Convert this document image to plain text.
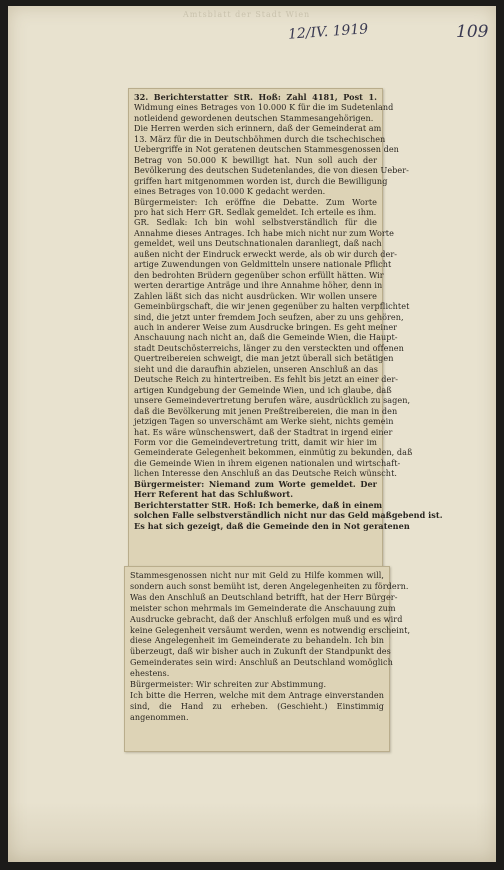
Amtsblatt der Stadt Wien
12/IV. 1919	109

32. Berichterstatter StR. Hoß: Zahl 4181, Post 1.
Widmung eines Betrages von 10.000 K für die im Sudetenland
notleidend gewordenen deutschen Stammesangehörigen.
Die Herren werden sich erinnern, daß der Gemeinderat am
13. März für die in Deutschböhmen durch die tschechischen
Uebergriffe in Not geratenen deutschen Stammesgenossen den
Betrag von 50.000 K bewilligt hat. Nun soll auch der
Bevölkerung des deutschen Sudetenlandes, die von diesen Ueber-
griffen hart mitgenommen worden ist, durch die Bewilligung
eines Betrages von 10.000 K gedacht werden.
Bürgermeister: Ich eröffne die Debatte. Zum Worte
pro hat sich Herr GR. Sedlak gemeldet. Ich erteile es ihm.
GR. Sedlak: Ich bin wohl selbstverständlich für die
Annahme dieses Antrages. Ich habe mich nicht nur zum Worte
gemeldet, weil uns Deutschnationalen daranliegt, daß nach
außen nicht der Eindruck erweckt werde, als ob wir durch der-
artige Zuwendungen von Geldmitteln unsere nationale Pflicht
den bedrohten Brüdern gegenüber schon erfüllt hätten. Wir
werten derartige Anträge und ihre Annahme höher, denn in
Zahlen läßt sich das nicht ausdrücken. Wir wollen unsere
Gemeinbürgschaft, die wir jenen gegenüber zu halten verpflichtet
sind, die jetzt unter fremdem Joch seufzen, aber zu uns gehören,
auch in anderer Weise zum Ausdrucke bringen. Es geht meiner
Anschauung nach nicht an, daß die Gemeinde Wien, die Haupt-
stadt Deutschösterreichs, länger zu den versteckten und offenen
Quertreibereien schweigt, die man jetzt überall sich betätigen
sieht und die daraufhin abzielen, unseren Anschluß an das
Deutsche Reich zu hintertreiben. Es fehlt bis jetzt an einer der-
artigen Kundgebung der Gemeinde Wien, und ich glaube, daß
unsere Gemeindevertretung berufen wäre, ausdrücklich zu sagen,
daß die Bevölkerung mit jenen Preßtreibereien, die man in den
jetzigen Tagen so unverschämt am Werke sieht, nichts gemein
hat. Es wäre wünschenswert, daß der Stadtrat in irgend einer
Form vor die Gemeindevertretung tritt, damit wir hier im
Gemeinderate Gelegenheit bekommen, einmütig zu bekunden, daß
die Gemeinde Wien in ihrem eigenen nationalen und wirtschaft-
lichen Interesse den Anschluß an das Deutsche Reich wünscht.
Bürgermeister: Niemand zum Worte gemeldet. Der
Herr Referent hat das Schlußwort.
Berichterstatter StR. Hoß: Ich bemerke, daß in einem
solchen Falle selbstverständlich nicht nur das Geld maßgebend ist.
Es hat sich gezeigt, daß die Gemeinde den in Not geratenen

Stammesgenossen nicht nur mit Geld zu Hilfe kommen will,
sondern auch sonst bemüht ist, deren Angelegenheiten zu fördern.
Was den Anschluß an Deutschland betrifft, hat der Herr Bürger-
meister schon mehrmals im Gemeinderate die Anschauung zum
Ausdrucke gebracht, daß der Anschluß erfolgen muß und es wird
keine Gelegenheit versäumt werden, wenn es notwendig erscheint,
diese Angelegenheit im Gemeinderate zu behandeln. Ich bin
überzeugt, daß wir bisher auch in Zukunft der Standpunkt des
Gemeinderates sein wird: Anschluß an Deutschland womöglich
ehestens.
Bürgermeister: Wir schreiten zur Abstimmung.
Ich bitte die Herren, welche mit dem Antrage einverstanden
sind, die Hand zu erheben. (Geschieht.) Einstimmig
angenommen.
